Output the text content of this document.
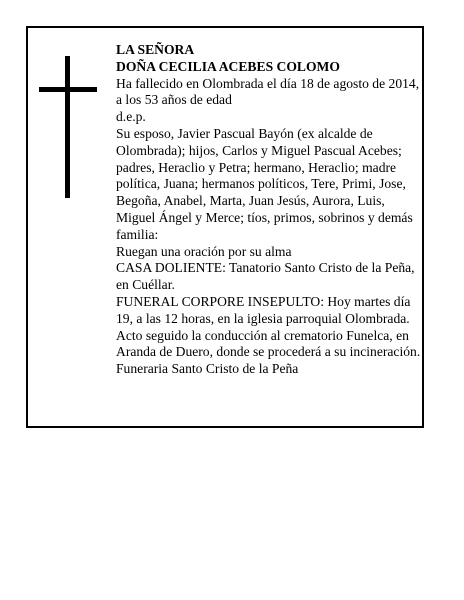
LA SEÑORA

DOÑA CECILIA ACEBES COLOMO

Ha fallecido en Olombrada el día 18 de agosto de 2014, a los 53 años de edad

d.e.p.

Su esposo, Javier Pascual Bayón (ex alcalde de Olombrada); hijos, Carlos y Miguel Pascual Acebes; padres, Heraclio y Petra; hermano, Heraclio; madre política, Juana; hermanos políticos, Tere, Primi, Jose, Begoña, Anabel, Marta, Juan Jesús, Aurora, Luis, Miguel Ángel y Merce; tíos, primos, sobrinos y demás familia:

Ruegan una oración por su alma

CASA DOLIENTE: Tanatorio Santo Cristo de la Peña, en Cuéllar.

FUNERAL CORPORE INSEPULTO: Hoy martes día 19, a las 12 horas, en la iglesia parroquial Olombrada. Acto seguido la conducción al crematorio Funelca, en Aranda de Duero, donde se procederá a su incineración.

Funeraria Santo Cristo de la Peña
